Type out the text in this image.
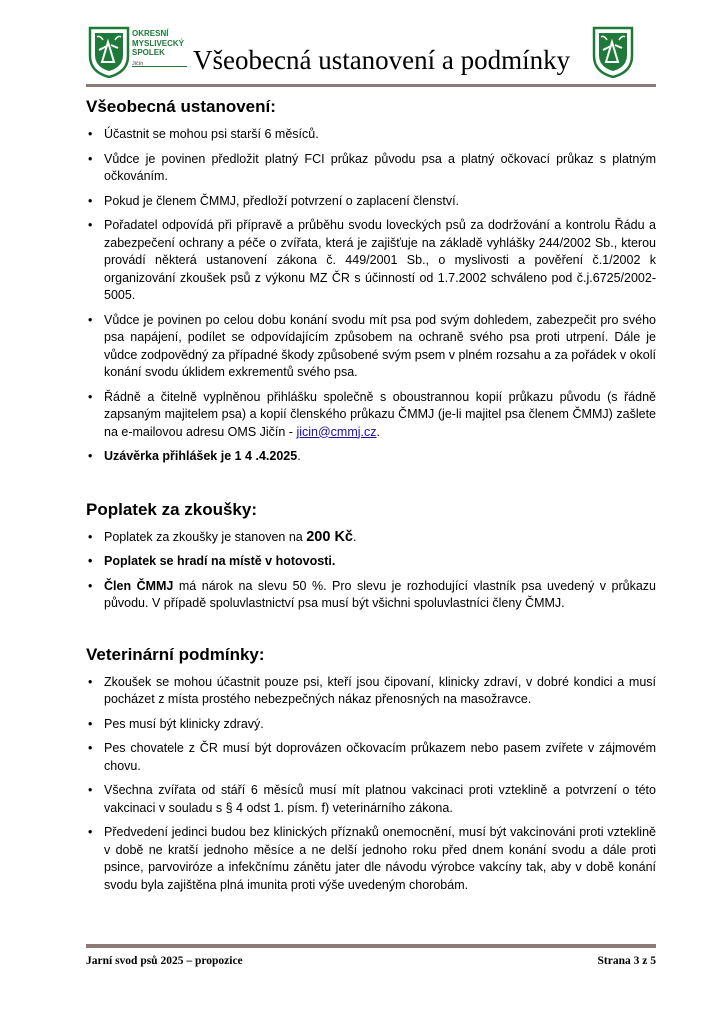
OKRESNÍ
MYSLIVECKÝ
SPOLEK
Jičín	Všeobecná ustanovení a podmínky
Všeobecná ustanovení:
• Účastnit se mohou psi starší 6 měsíců.
• Vůdce je povinen předložit platný FCI průkaz původu psa a platný očkovací průkaz s platným očkováním.
• Pokud je členem ČMMJ, předloží potvrzení o zaplacení členství.
• Pořadatel odpovídá při přípravě a průběhu svodu loveckých psů za dodržování a kontrolu Řádu a zabezpečení ochrany a péče o zvířata, která je zajišťuje na základě vyhlášky 244/2002 Sb., kterou provádí některá ustanovení zákona č. 449/2001 Sb., o myslivosti a pověření č.1/2002 k organizování zkoušek psů z výkonu MZ ČR s účinností od 1.7.2002 schváleno pod č.j.6725/2002-5005.
• Vůdce je povinen po celou dobu konání svodu mít psa pod svým dohledem, zabezpečit pro svého psa napájení, podílet se odpovídajícím způsobem na ochraně svého psa proti utrpení. Dále je vůdce zodpovědný za případné škody způsobené svým psem v plném rozsahu a za pořádek v okolí konání svodu úklidem exkrementů svého psa.
• Řádně a čitelně vyplněnou přihlášku společně s oboustrannou kopií průkazu původu (s řádně zapsaným majitelem psa) a kopií členského průkazu ČMMJ (je-li majitel psa členem ČMMJ) zašlete na e-mailovou adresu OMS Jičín - jicin@cmmj.cz.
• Uzávěrka přihlášek je 1 4 .4.2025.
Poplatek za zkoušky:
• Poplatek za zkoušky je stanoven na 200 Kč.
• Poplatek se hradí na místě v hotovosti.
• Člen ČMMJ má nárok na slevu 50 %. Pro slevu je rozhodující vlastník psa uvedený v průkazu původu. V případě spoluvlastnictví psa musí být všichni spoluvlastníci členy ČMMJ.
Veterinární podmínky:
• Zkoušek se mohou účastnit pouze psi, kteří jsou čipovaní, klinicky zdraví, v dobré kondici a musí pocházet z místa prostého nebezpečných nákaz přenosných na masožravce.
• Pes musí být klinicky zdravý.
• Pes chovatele z ČR musí být doprovázen očkovacím průkazem nebo pasem zvířete v zájmovém chovu.
• Všechna zvířata od stáří 6 měsíců musí mít platnou vakcinaci proti vzteklině a potvrzení o této vakcinaci v souladu s § 4 odst 1. písm. f) veterinárního zákona.
• Předvedení jedinci budou bez klinických příznaků onemocnění, musí být vakcinováni proti vzteklině v době ne kratší jednoho měsíce a ne delší jednoho roku před dnem konání svodu a dále proti psince, parvoviróze a infekčnímu zánětu jater dle návodu výrobce vakcíny tak, aby v době konání svodu byla zajištěna plná imunita proti výše uvedeným chorobám.
Jarní svod psů 2025 – propozice	Strana 3 z 5
